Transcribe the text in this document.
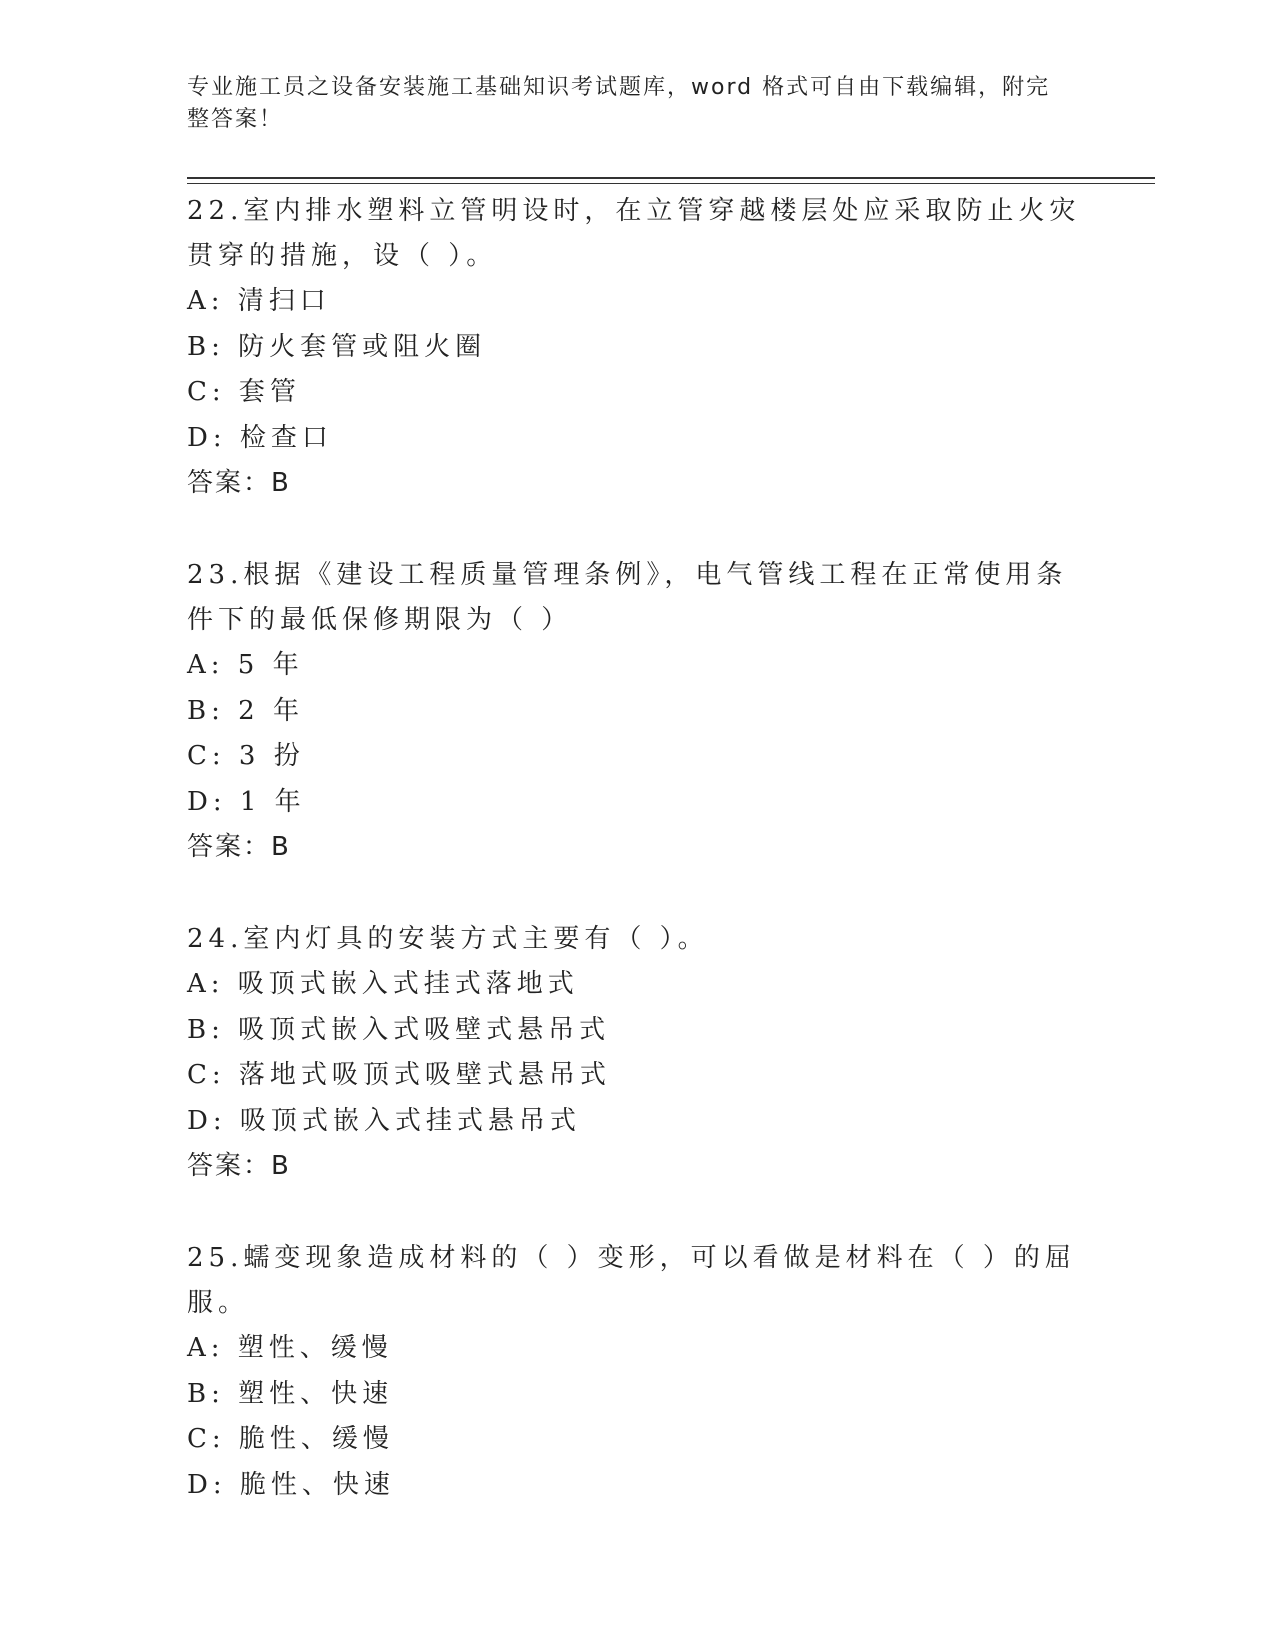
专业施工员之设备安装施工基础知识考试题库，word 格式可自由下载编辑，附完整答案！

22.室内排水塑料立管明设时，在立管穿越楼层处应采取防止火灾贯穿的措施，设（ ）。

A: 清扫口

B: 防火套管或阻火圈

C: 套管

D: 检查口

答案：B

23.根据《建设工程质量管理条例》，电气管线工程在正常使用条件下的最低保修期限为（ ）

A: 5 年

B: 2 年

C: 3 扮

D: 1 年

答案：B

24.室内灯具的安装方式主要有（ ）。

A: 吸顶式嵌入式挂式落地式

B: 吸顶式嵌入式吸壁式悬吊式

C: 落地式吸顶式吸壁式悬吊式

D: 吸顶式嵌入式挂式悬吊式

答案：B

25.蠕变现象造成材料的（ ）变形，可以看做是材料在（ ）的屈服。

A: 塑性、缓慢

B: 塑性、快速

C: 脆性、缓慢

D: 脆性、快速
